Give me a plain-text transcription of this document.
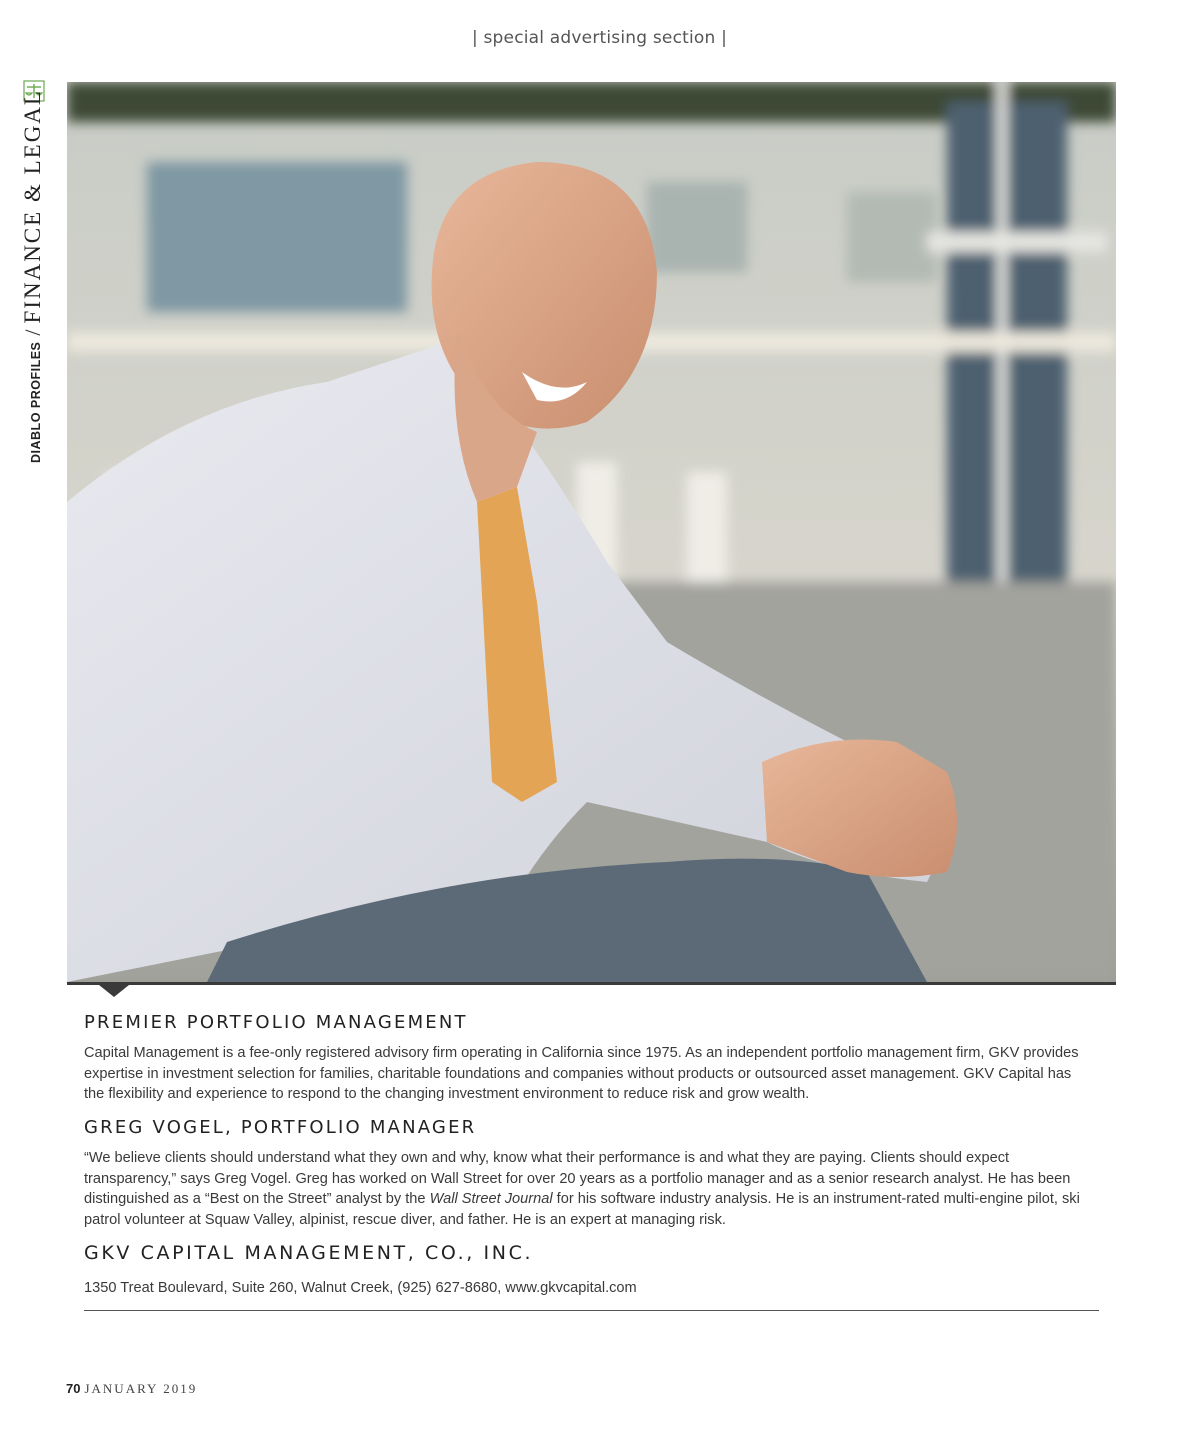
| special advertising section |
DIABLO PROFILES
/
FINANCE & LEGAL
PREMIER PORTFOLIO MANAGEMENT

Capital Management is a fee-only registered advisory firm operating in California since 1975. As an independent portfolio management firm, GKV provides expertise in investment selection for families, charitable foundations and companies without products or outsourced asset management. GKV Capital has the flexibility and experience to respond to the changing investment environment to reduce risk and grow wealth.

GREG VOGEL, PORTFOLIO MANAGER

“We believe clients should understand what they own and why, know what their performance is and what they are paying. Clients should expect transparency,” says Greg Vogel. Greg has worked on Wall Street for over 20 years as a portfolio manager and as a senior research analyst. He has been distinguished as a “Best on the Street” analyst by the Wall Street Journal for his software industry analysis. He is an instrument-rated multi-engine pilot, ski patrol volunteer at Squaw Valley, alpinist, rescue diver, and father. He is an expert at managing risk.

GKV CAPITAL MANAGEMENT, CO., INC.

1350 Treat Boulevard, Suite 260, Walnut Creek, (925) 627-8680, www.gkvcapital.com

70 JANUARY 2019
